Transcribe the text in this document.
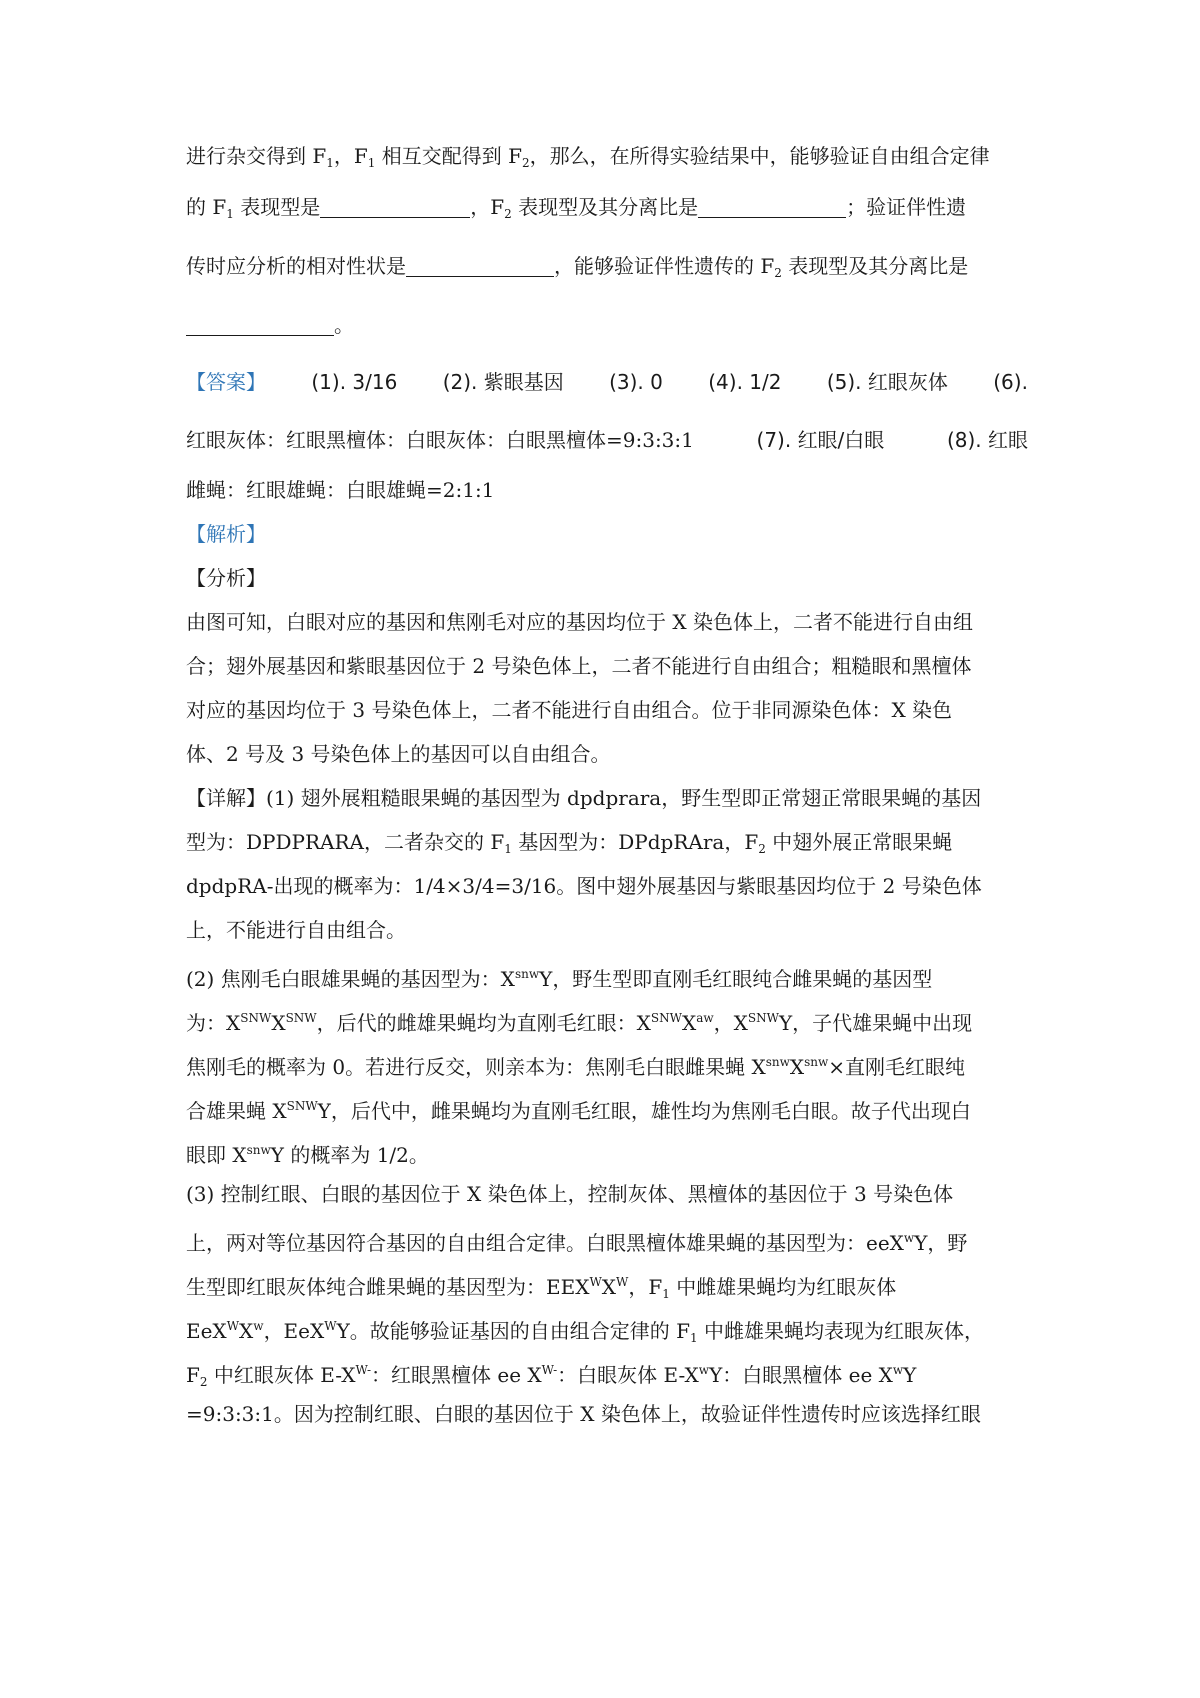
进行杂交得到 $F_1$，$F_1$ 相互交配得到 $F_2$，那么，在所得实验结果中，能够验证自由组合定律
的 $F_1$ 表现型是	，$F_2$ 表现型及其分离比是	；验证伴性遗
传时应分析的相对性状是	，能够验证伴性遗传的 $F_2$ 表现型及其分离比是
。
【答案】 (1). 3/16 (2). 紫眼基因 (3). 0 (4). 1/2 (5). 红眼灰体 (6).
红眼灰体：红眼黑檀体：白眼灰体：白眼黑檀体=9:3:3:1	(7). 红眼/白眼	(8). 红眼
雌蝇：红眼雄蝇：白眼雄蝇=2:1:1
【解析】
【分析】
由图可知，白眼对应的基因和焦刚毛对应的基因均位于 X 染色体上，二者不能进行自由组
合；翅外展基因和紫眼基因位于 2 号染色体上，二者不能进行自由组合；粗糙眼和黑檀体
对应的基因均位于 3 号染色体上，二者不能进行自由组合。位于非同源染色体：X 染色
体、2 号及 3 号染色体上的基因可以自由组合。
【详解】(1) 翅外展粗糙眼果蝇的基因型为 dpdprara，野生型即正常翅正常眼果蝇的基因
型为：DPDPRARA，二者杂交的 $F_1$ 基因型为：DPdpRAra，$F_2$ 中翅外展正常眼果蝇
dpdpRA-出现的概率为：1/4×3/4=3/16。图中翅外展基因与紫眼基因均位于 2 号染色体
上，不能进行自由组合。
(2) 焦刚毛白眼雄果蝇的基因型为：$X^{snw}Y$，野生型即直刚毛红眼纯合雌果蝇的基因型
为：$X^{SNW}X^{SNW}$，后代的雌雄果蝇均为直刚毛红眼：$X^{SNW}X^{aw}$，$X^{SNW}Y$，子代雄果蝇中出现
焦刚毛的概率为 0。若进行反交，则亲本为：焦刚毛白眼雌果蝇 $X^{snw}X^{snw}\times$直刚毛红眼纯
合雄果蝇 $X^{SNW}Y$，后代中，雌果蝇均为直刚毛红眼，雄性均为焦刚毛白眼。故子代出现白
眼即 $X^{snw}Y$ 的概率为 1/2。
(3) 控制红眼、白眼的基因位于 X 染色体上，控制灰体、黑檀体的基因位于 3 号染色体
上，两对等位基因符合基因的自由组合定律。白眼黑檀体雄果蝇的基因型为：eeX$^w$Y，野
生型即红眼灰体纯合雌果蝇的基因型为：$EEX^WX^W$，$F_1$ 中雌雄果蝇均为红眼灰体
$EeX^WX^w$，EeX$^W$Y。故能够验证基因的自由组合定律的 $F_1$ 中雌雄果蝇均表现为红眼灰体，
$F_2$ 中红眼灰体 $E-X^{W-}$：红眼黑檀体 ee $X^{W-}$：白眼灰体 $E-X^wY$：白眼黑檀体 ee $X^wY$
=9:3:3:1。因为控制红眼、白眼的基因位于 X 染色体上，故验证伴性遗传时应该选择红眼
